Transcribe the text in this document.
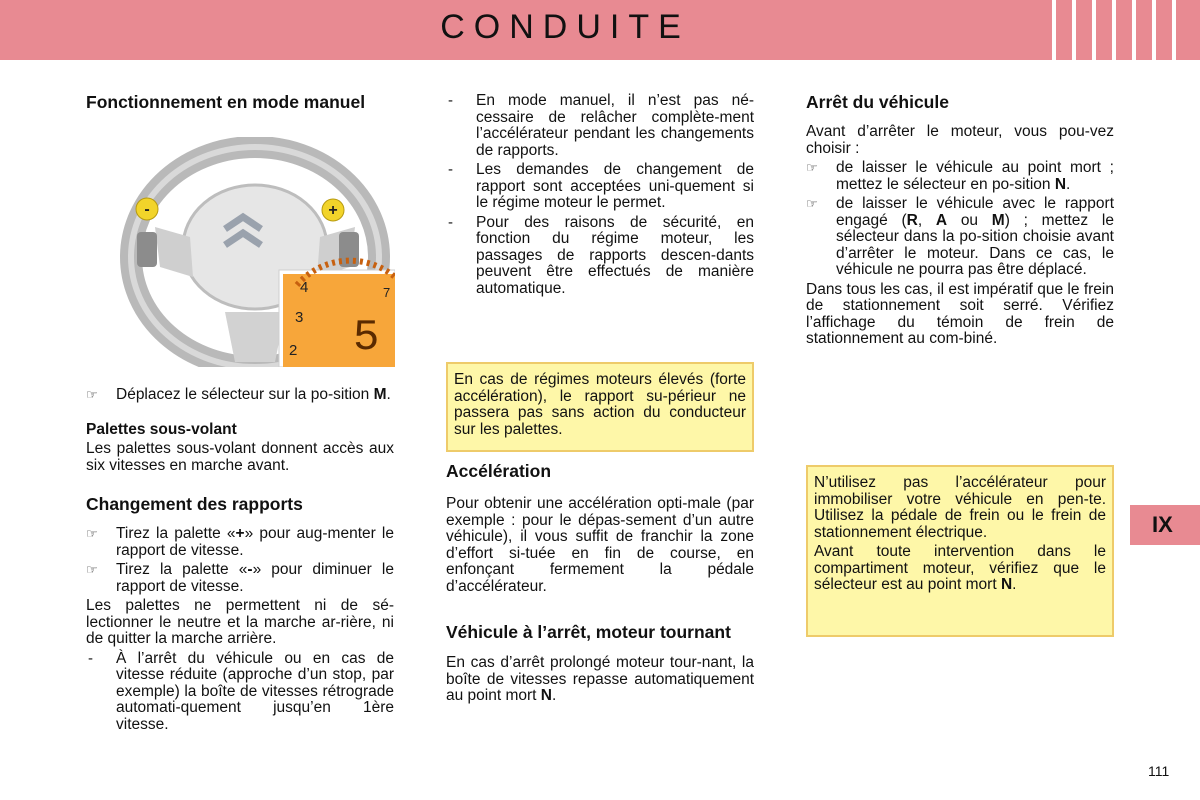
CONDUITE
Fonctionnement en mode manuel
-	+
4
3
2
7
5
☞ Déplacez le sélecteur sur la po-sition M.
Palettes sous-volant

Les palettes sous-volant donnent accès aux six vitesses en marche avant.

Changement des rapports
☞ Tirez la palette «+» pour aug-menter le rapport de vitesse.
☞ Tirez la palette «-» pour diminuer le rapport de vitesse.

Les palettes ne permettent ni de sé-lectionner le neutre et la marche ar-rière, ni de quitter la marche arrière.

- À l’arrêt du véhicule ou en cas de vitesse réduite (approche d’un stop, par exemple) la boîte de vitesses rétrograde automati-quement jusqu’en 1ère vitesse.
- En mode manuel, il n’est pas né-cessaire de relâcher complète-ment l’accélérateur pendant les changements de rapports.
- Les demandes de changement de rapport sont acceptées uni-quement si le régime moteur le permet.
- Pour des raisons de sécurité, en fonction du régime moteur, les passages de rapports descen-dants peuvent être effectués de manière automatique.

En cas de régimes moteurs élevés (forte accélération), le rapport su-périeur ne passera pas sans action du conducteur sur les palettes.

Accélération

Pour obtenir une accélération opti-male (par exemple : pour le dépas-sement d’un autre véhicule), il vous suffit de franchir la zone d’effort si-tuée en fin de course, en enfonçant fermement la pédale d’accélérateur.

Véhicule à l’arrêt, moteur tournant

En cas d’arrêt prolongé moteur tour-nant, la boîte de vitesses repasse automatiquement au point mort N.

Arrêt du véhicule

Avant d’arrêter le moteur, vous pou-vez choisir :

☞ de laisser le véhicule au point mort ; mettez le sélecteur en po-sition N.
☞ de laisser le véhicule avec le rapport engagé (R, A ou M) ; mettez le sélecteur dans la po-sition choisie avant d’arrêter le moteur. Dans ce cas, le véhicule ne pourra pas être déplacé.

Dans tous les cas, il est impératif que le frein de stationnement soit serré. Vérifiez l’affichage du témoin de frein de stationnement au com-biné.

N’utilisez pas l’accélérateur pour immobiliser votre véhicule en pen-te. Utilisez la pédale de frein ou le frein de stationnement électrique.

Avant toute intervention dans le compartiment moteur, vérifiez que le sélecteur est au point mort N.

IX
111
